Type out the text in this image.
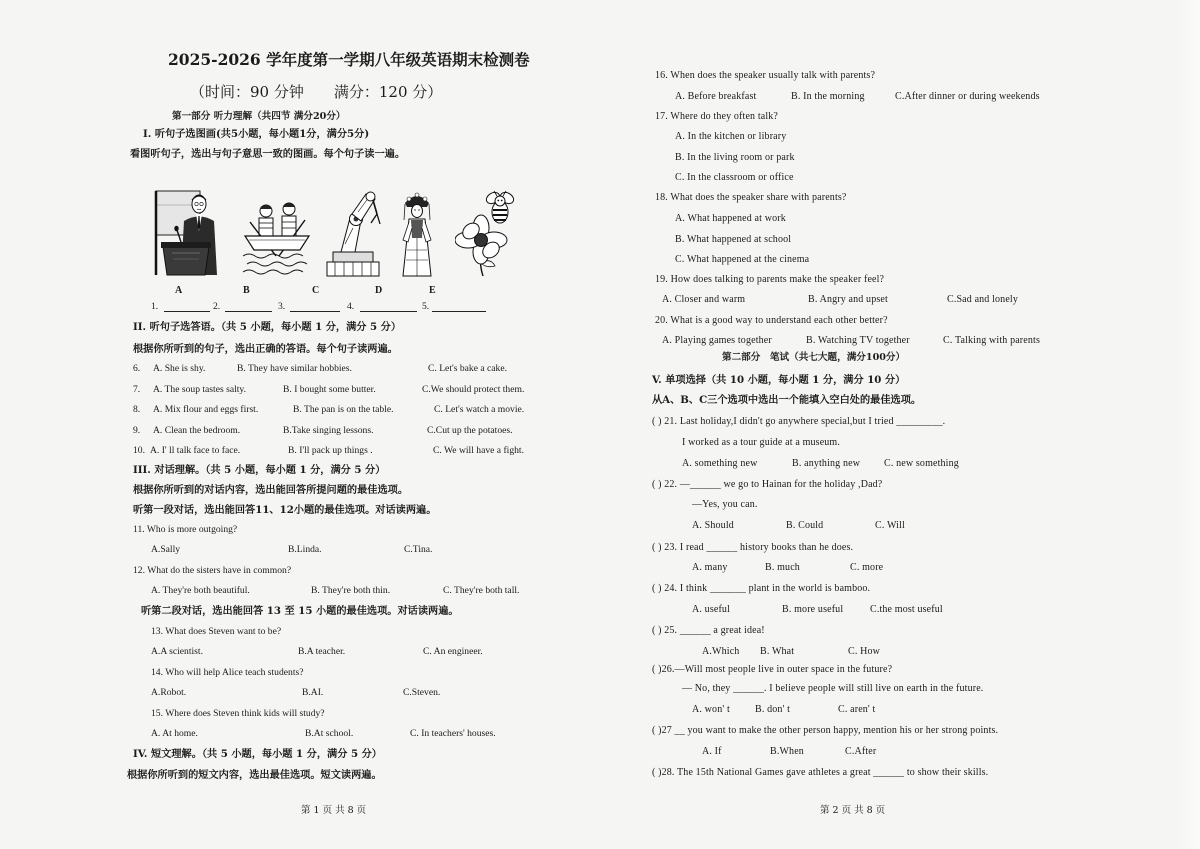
2025-2026 学年度第一学期八年级英语期末检测卷
（时间：90 分钟　　满分：120 分）
第一部分 听力理解（共四节 满分20分）
I. 听句子选图画(共5小题，每小题1分，满分5分)
看图听句子，选出与句子意思一致的图画。每个句子读一遍。
A	B	C	D	E
1.	2.	3.	4.	5.
II. 听句子选答语。（共 5 小题，每小题 1 分，满分 5 分）
根据你所听到的句子，选出正确的答语。每个句子读两遍。
6. A. She is shy.	B. They have similar hobbies.	C. Let's bake a cake.
7. A. The soup tastes salty.	B. I bought some butter.	C.We should protect them.
8. A. Mix flour and eggs first.	B. The pan is on the table.	C. Let's watch a movie.
9. A. Clean the bedroom.	B.Take singing lessons.	C.Cut up the potatoes.
10. A. I' ll talk face to face.	B. I'll pack up things .	C. We will have a fight.
III. 对话理解。（共 5 小题，每小题 1 分，满分 5 分）
根据你所听到的对话内容，选出能回答所提问题的最佳选项。
听第一段对话，选出能回答11、12小题的最佳选项。对话读两遍。
11. Who is more outgoing?
A.Sally	B.Linda.	C.Tina.
12. What do the sisters have in common?
A. They're both beautiful.	B. They're both thin.	C. They're both tall.
听第二段对话，选出能回答 13 至 15 小题的最佳选项。对话读两遍。
13. What does Steven want to be?
A.A scientist.	B.A teacher.	C. An engineer.
14. Who will help Alice teach students?
A.Robot.	B.AI.	C.Steven.
15. Where does Steven think kids will study?
A. At home.	B.At school.	C. In teachers' houses.
IV. 短文理解。（共 5 小题，每小题 1 分，满分 5 分）
根据你所听到的短文内容，选出最佳选项。短文读两遍。
第 1 页 共 8 页
16. When does the speaker usually talk with parents?
A. Before breakfast	B. In the morning	C.After dinner or during weekends
17. Where do they often talk?
A. In the kitchen or library
B. In the living room or park
C. In the classroom or office
18. What does the speaker share with parents?
A. What happened at work
B. What happened at school
C. What happened at the cinema
19. How does talking to parents make the speaker feel?
A. Closer and warm	B. Angry and upset	C.Sad and lonely
20. What is a good way to understand each other better?
A. Playing games together	B. Watching TV together	C. Talking with parents
第二部分　笔试（共七大题，满分100分）
V. 单项选择（共 10 小题，每小题 1 分，满分 10 分）
从A、B、C三个选项中选出一个能填入空白处的最佳选项。
( ) 21. Last holiday,I didn't go anywhere special,but I tried _________.
I worked as a tour guide at a museum.
A. something new	B. anything new C. new something
( ) 22. —______ we go to Hainan for the holiday ,Dad?
—Yes, you can.
A. Should	B. Could	C. Will
( ) 23. I read ______ history books than he does.
A. many	B. much	C. more
( ) 24. I think _______ plant in the world is bamboo.
A. useful	B. more useful	C.the most useful
( ) 25. ______ a great idea!
A.Which B. What	C. How
( )26.—Will most people live in outer space in the future?
— No, they ______. I believe people will still live on earth in the future.
A. won' t	B. don' t	C. aren' t
( )27 __ you want to make the other person happy, mention his or her strong points.
A. If	B.When	C.After
( )28. The 15th National Games gave athletes a great ______ to show their skills.
第 2 页 共 8 页
